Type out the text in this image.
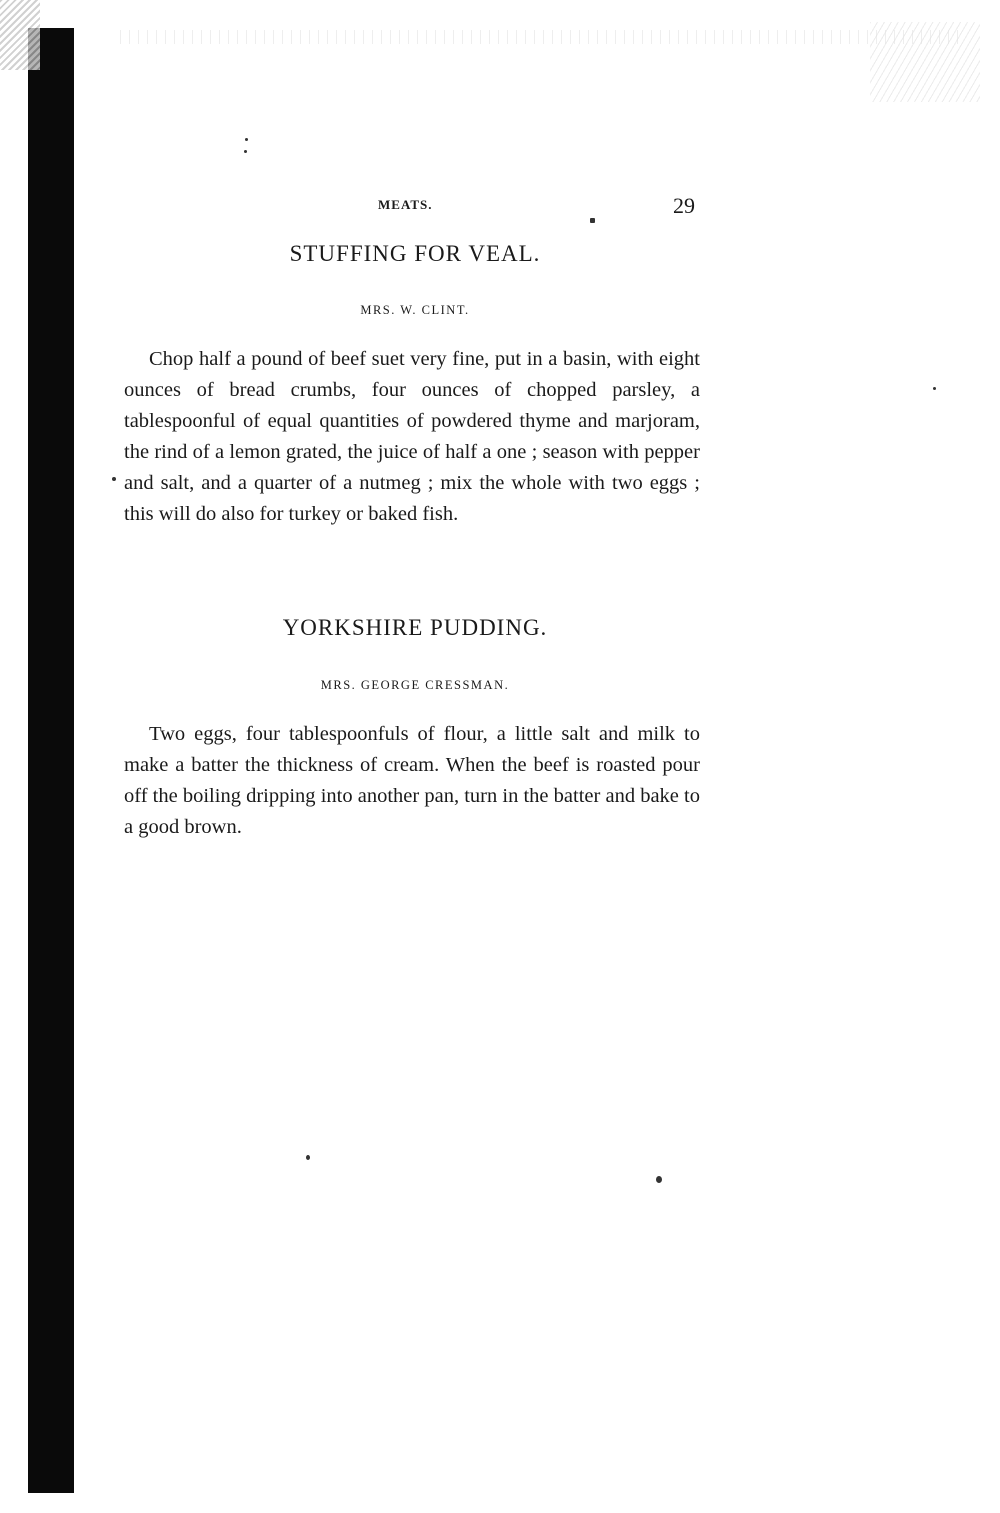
MEATS.	29
STUFFING FOR VEAL.

MRS. W. CLINT.

Chop half a pound of beef suet very fine, put in a basin, with eight ounces of bread crumbs, four ounces of chopped parsley, a tablespoonful of equal quantities of powdered thyme and marjoram, the rind of a lemon grated, the juice of half a one ; season with pepper and salt, and a quarter of a nutmeg ; mix the whole with two eggs ; this will do also for turkey or baked fish.

YORKSHIRE PUDDING.

MRS. GEORGE CRESSMAN.

Two eggs, four tablespoonfuls of flour, a little salt and milk to make a batter the thickness of cream. When the beef is roasted pour off the boiling dripping into another pan, turn in the batter and bake to a good brown.
